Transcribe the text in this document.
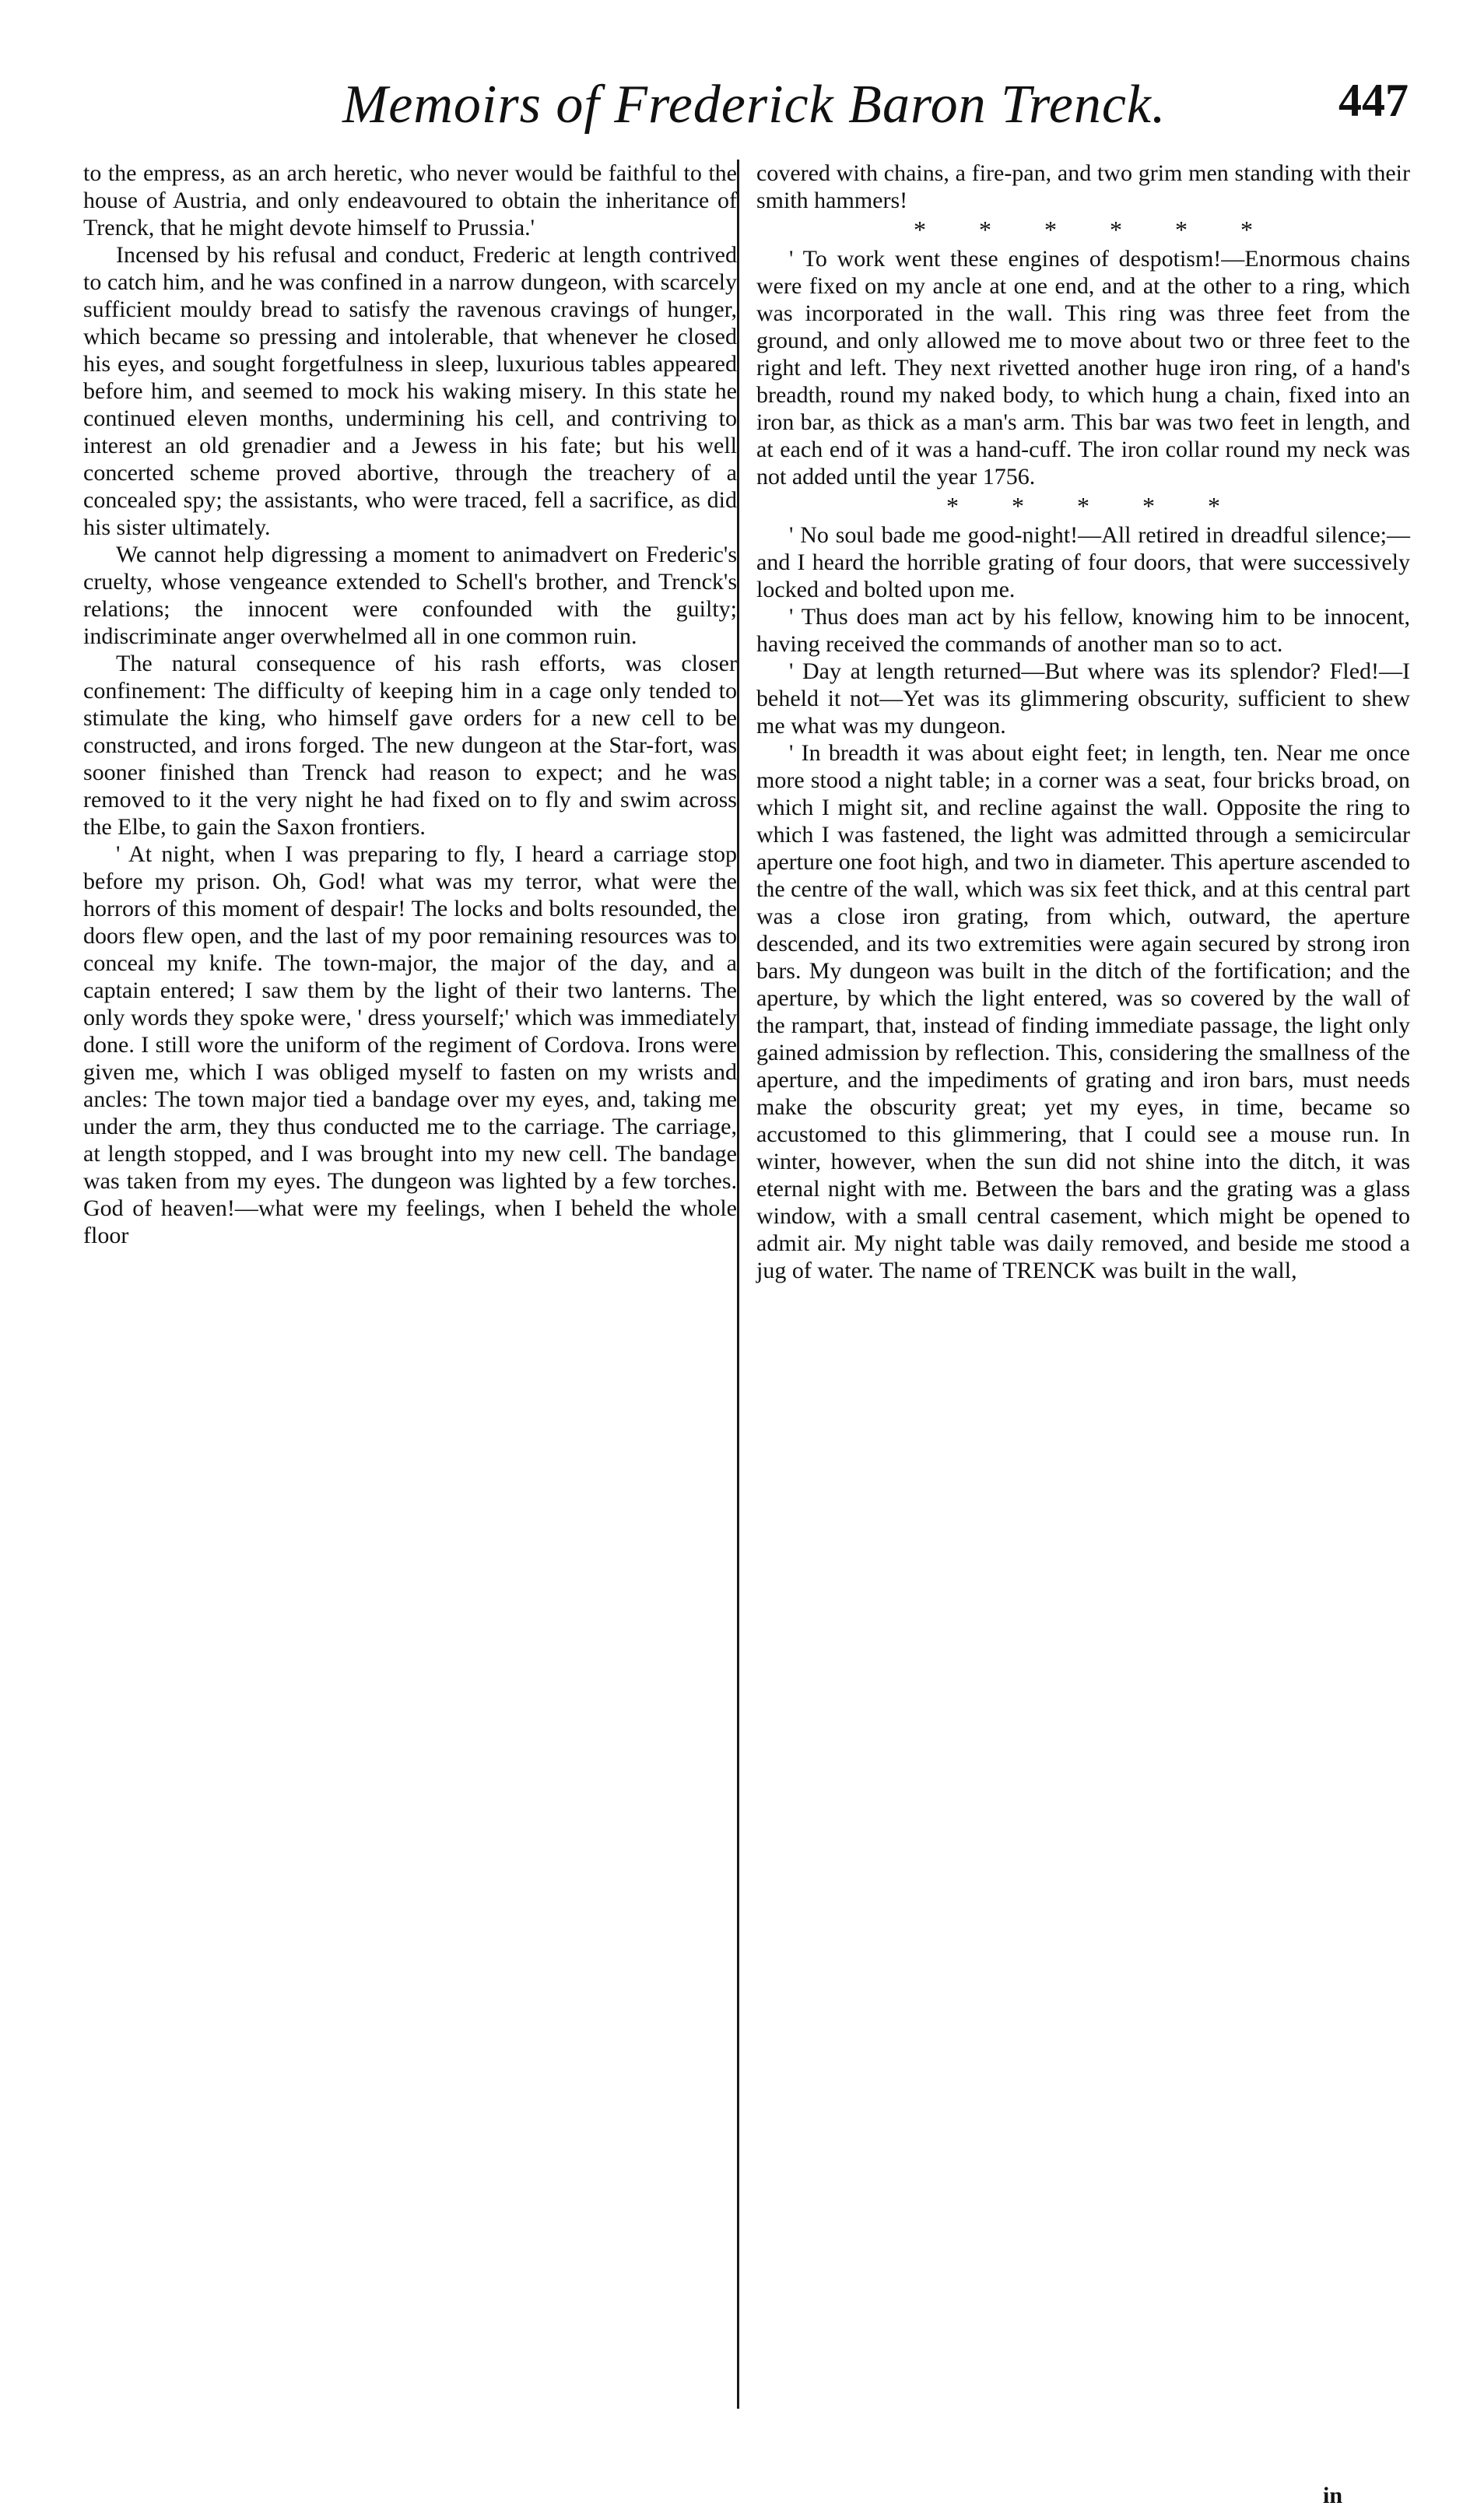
Memoirs of Frederick Baron Trenck.	447

to the empress, as an arch heretic, who never would be faithful to the house of Austria, and only endeavoured to obtain the inheritance of Trenck, that he might devote himself to Prussia.'

Incensed by his refusal and conduct, Frederic at length contrived to catch him, and he was confined in a narrow dungeon, with scarcely sufficient mouldy bread to satisfy the ravenous cravings of hunger, which became so pressing and intolerable, that whenever he closed his eyes, and sought forgetfulness in sleep, luxurious tables appeared before him, and seemed to mock his waking misery. In this state he continued eleven months, undermining his cell, and contriving to interest an old grenadier and a Jewess in his fate; but his well concerted scheme proved abortive, through the treachery of a concealed spy; the assistants, who were traced, fell a sacrifice, as did his sister ultimately.

We cannot help digressing a moment to animadvert on Frederic's cruelty, whose vengeance extended to Schell's brother, and Trenck's relations; the innocent were confounded with the guilty; indiscriminate anger overwhelmed all in one common ruin.

The natural consequence of his rash efforts, was closer confinement: The difficulty of keeping him in a cage only tended to stimulate the king, who himself gave orders for a new cell to be constructed, and irons forged. The new dungeon at the Star-fort, was sooner finished than Trenck had reason to expect; and he was removed to it the very night he had fixed on to fly and swim across the Elbe, to gain the Saxon frontiers.

' At night, when I was preparing to fly, I heard a carriage stop before my prison. Oh, God! what was my terror, what were the horrors of this moment of despair! The locks and bolts resounded, the doors flew open, and the last of my poor remaining resources was to conceal my knife. The town-major, the major of the day, and a captain entered; I saw them by the light of their two lanterns. The only words they spoke were, ' dress yourself;' which was immediately done. I still wore the uniform of the regiment of Cordova. Irons were given me, which I was obliged myself to fasten on my wrists and ancles: The town major tied a bandage over my eyes, and, taking me under the arm, they thus conducted me to the carriage. The carriage, at length stopped, and I was brought into my new cell. The bandage was taken from my eyes. The dungeon was lighted by a few torches. God of heaven!—what were my feelings, when I beheld the whole floor

covered with chains, a fire-pan, and two grim men standing with their smith hammers!

* * * * * *

' To work went these engines of despotism!—Enormous chains were fixed on my ancle at one end, and at the other to a ring, which was incorporated in the wall. This ring was three feet from the ground, and only allowed me to move about two or three feet to the right and left. They next rivetted another huge iron ring, of a hand's breadth, round my naked body, to which hung a chain, fixed into an iron bar, as thick as a man's arm. This bar was two feet in length, and at each end of it was a hand-cuff. The iron collar round my neck was not added until the year 1756.

* * * * *

' No soul bade me good-night!—All retired in dreadful silence;—and I heard the horrible grating of four doors, that were successively locked and bolted upon me.

' Thus does man act by his fellow, knowing him to be innocent, having received the commands of another man so to act.

' Day at length returned—But where was its splendor? Fled!—I beheld it not—Yet was its glimmering obscurity, sufficient to shew me what was my dungeon.

' In breadth it was about eight feet; in length, ten. Near me once more stood a night table; in a corner was a seat, four bricks broad, on which I might sit, and recline against the wall. Opposite the ring to which I was fastened, the light was admitted through a semicircular aperture one foot high, and two in diameter. This aperture ascended to the centre of the wall, which was six feet thick, and at this central part was a close iron grating, from which, outward, the aperture descended, and its two extremities were again secured by strong iron bars. My dungeon was built in the ditch of the fortification; and the aperture, by which the light entered, was so covered by the wall of the rampart, that, instead of finding immediate passage, the light only gained admission by reflection. This, considering the smallness of the aperture, and the impediments of grating and iron bars, must needs make the obscurity great; yet my eyes, in time, became so accustomed to this glimmering, that I could see a mouse run. In winter, however, when the sun did not shine into the ditch, it was eternal night with me. Between the bars and the grating was a glass window, with a small central casement, which might be opened to admit air. My night table was daily removed, and beside me stood a jug of water. The name of TRENCK was built in the wall,

in
